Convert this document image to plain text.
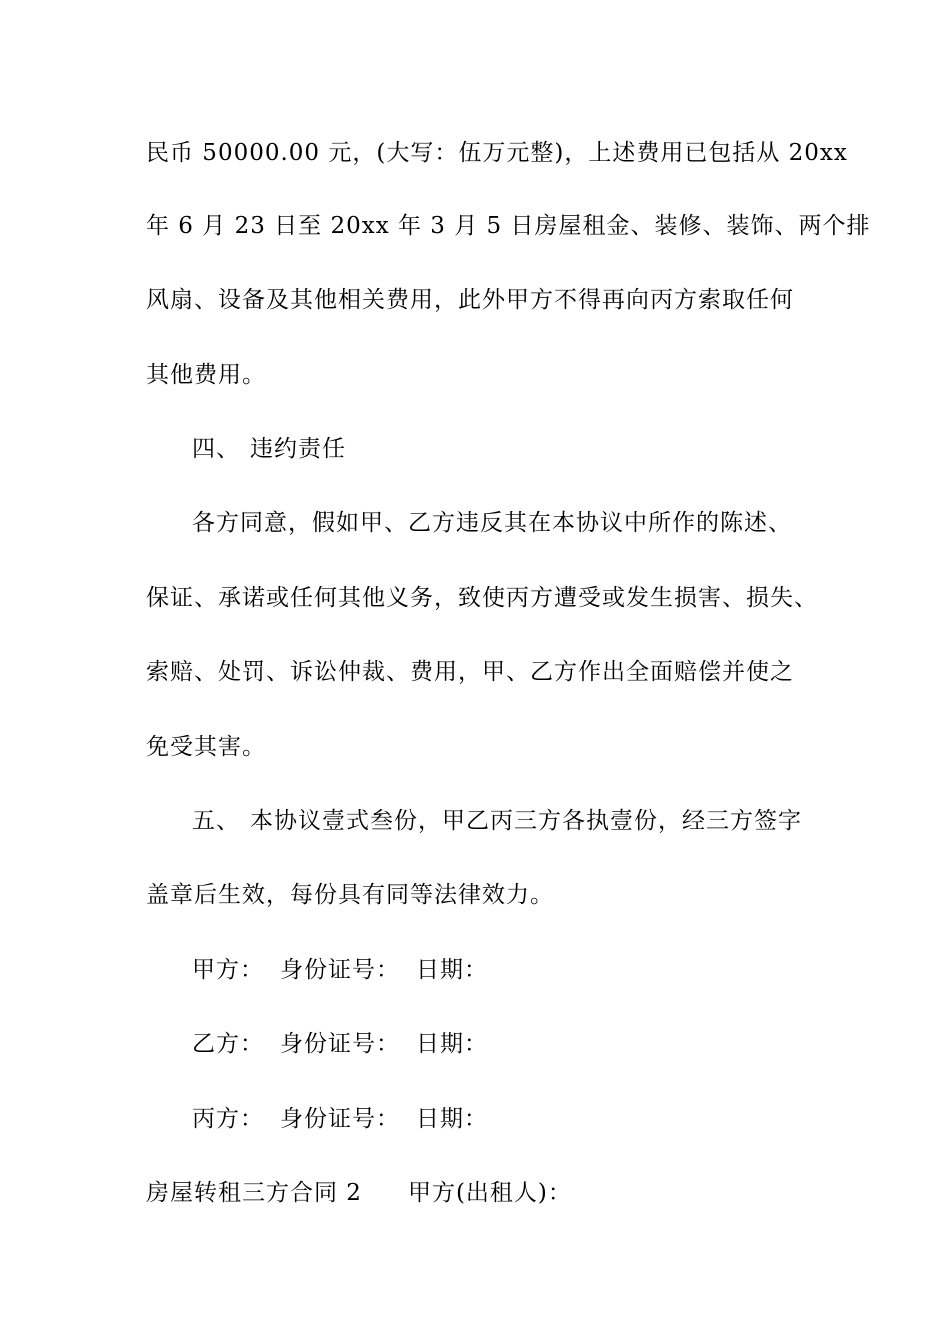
民币 50000.00 元，(大写：伍万元整)，上述费用已包括从 20xx
年 6 月 23 日至 20xx 年 3 月 5 日房屋租金、装修、装饰、两个排
风扇、设备及其他相关费用，此外甲方不得再向丙方索取任何
其他费用。
四、 违约责任
各方同意，假如甲、乙方违反其在本协议中所作的陈述、
保证、承诺或任何其他义务，致使丙方遭受或发生损害、损失、
索赔、处罚、诉讼仲裁、费用，甲、乙方作出全面赔偿并使之
免受其害。
五、 本协议壹式叁份，甲乙丙三方各执壹份，经三方签字
盖章后生效，每份具有同等法律效力。
甲方： 身份证号： 日期：
乙方： 身份证号： 日期：
丙方： 身份证号： 日期：
房屋转租三方合同 2 甲方(出租人)：
